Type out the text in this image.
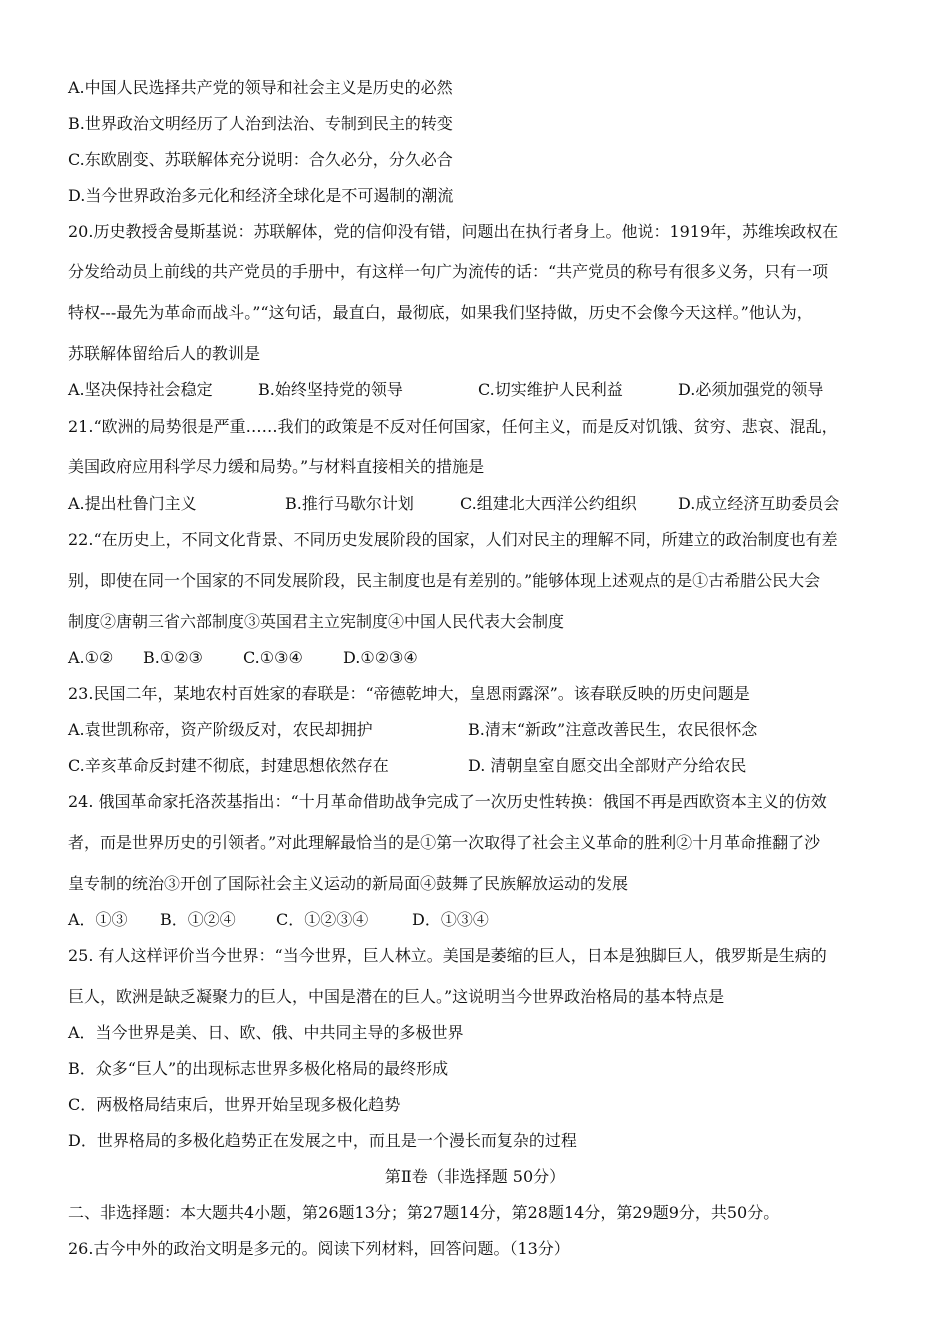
A.中国人民选择共产党的领导和社会主义是历史的必然
B.世界政治文明经历了人治到法治、专制到民主的转变
C.东欧剧变、苏联解体充分说明：合久必分，分久必合
D.当今世界政治多元化和经济全球化是不可遏制的潮流
20.历史教授舍曼斯基说：苏联解体，党的信仰没有错，问题出在执行者身上。他说：1919年，苏维埃政权在
分发给动员上前线的共产党员的手册中，有这样一句广为流传的话：“共产党员的称号有很多义务，只有一项
特权---最先为革命而战斗。”“这句话，最直白，最彻底，如果我们坚持做，历史不会像今天这样。”他认为，
苏联解体留给后人的教训是
A.坚决保持社会稳定	B.始终坚持党的领导	C.切实维护人民利益	D.必须加强党的领导
21.“欧洲的局势很是严重……我们的政策是不反对任何国家，任何主义，而是反对饥饿、贫穷、悲哀、混乱，
美国政府应用科学尽力缓和局势。”与材料直接相关的措施是
A.提出杜鲁门主义	B.推行马歇尔计划	C.组建北大西洋公约组织	D.成立经济互助委员会
22.“在历史上，不同文化背景、不同历史发展阶段的国家，人们对民主的理解不同，所建立的政治制度也有差
别，即使在同一个国家的不同发展阶段，民主制度也是有差别的。”能够体现上述观点的是①古希腊公民大会
制度②唐朝三省六部制度③英国君主立宪制度④中国人民代表大会制度
A.①② B.①②③	C.①③④	D.①②③④
23.民国二年，某地农村百姓家的春联是：“帝德乾坤大，皇恩雨露深”。该春联反映的历史问题是
A.袁世凯称帝，资产阶级反对，农民却拥护	B.清末“新政”注意改善民生，农民很怀念
C.辛亥革命反封建不彻底，封建思想依然存在	D. 清朝皇室自愿交出全部财产分给农民
24. 俄国革命家托洛茨基指出：“十月革命借助战争完成了一次历史性转换：俄国不再是西欧资本主义的仿效
者，而是世界历史的引领者。”对此理解最恰当的是①第一次取得了社会主义革命的胜利②十月革命推翻了沙
皇专制的统治③开创了国际社会主义运动的新局面④鼓舞了民族解放运动的发展
A．①③ B．①②④	C．①②③④	D．①③④
25. 有人这样评价当今世界：“当今世界，巨人林立。美国是萎缩的巨人，日本是独脚巨人，俄罗斯是生病的
巨人，欧洲是缺乏凝聚力的巨人，中国是潜在的巨人。”这说明当今世界政治格局的基本特点是
A．当今世界是美、日、欧、俄、中共同主导的多极世界
B．众多“巨人”的出现标志世界多极化格局的最终形成
C．两极格局结束后，世界开始呈现多极化趋势
D．世界格局的多极化趋势正在发展之中，而且是一个漫长而复杂的过程
第Ⅱ卷（非选择题 50分）
二、非选择题：本大题共4小题，第26题13分；第27题14分，第28题14分，第29题9分，共50分。
26.古今中外的政治文明是多元的。阅读下列材料，回答问题。（13分）
